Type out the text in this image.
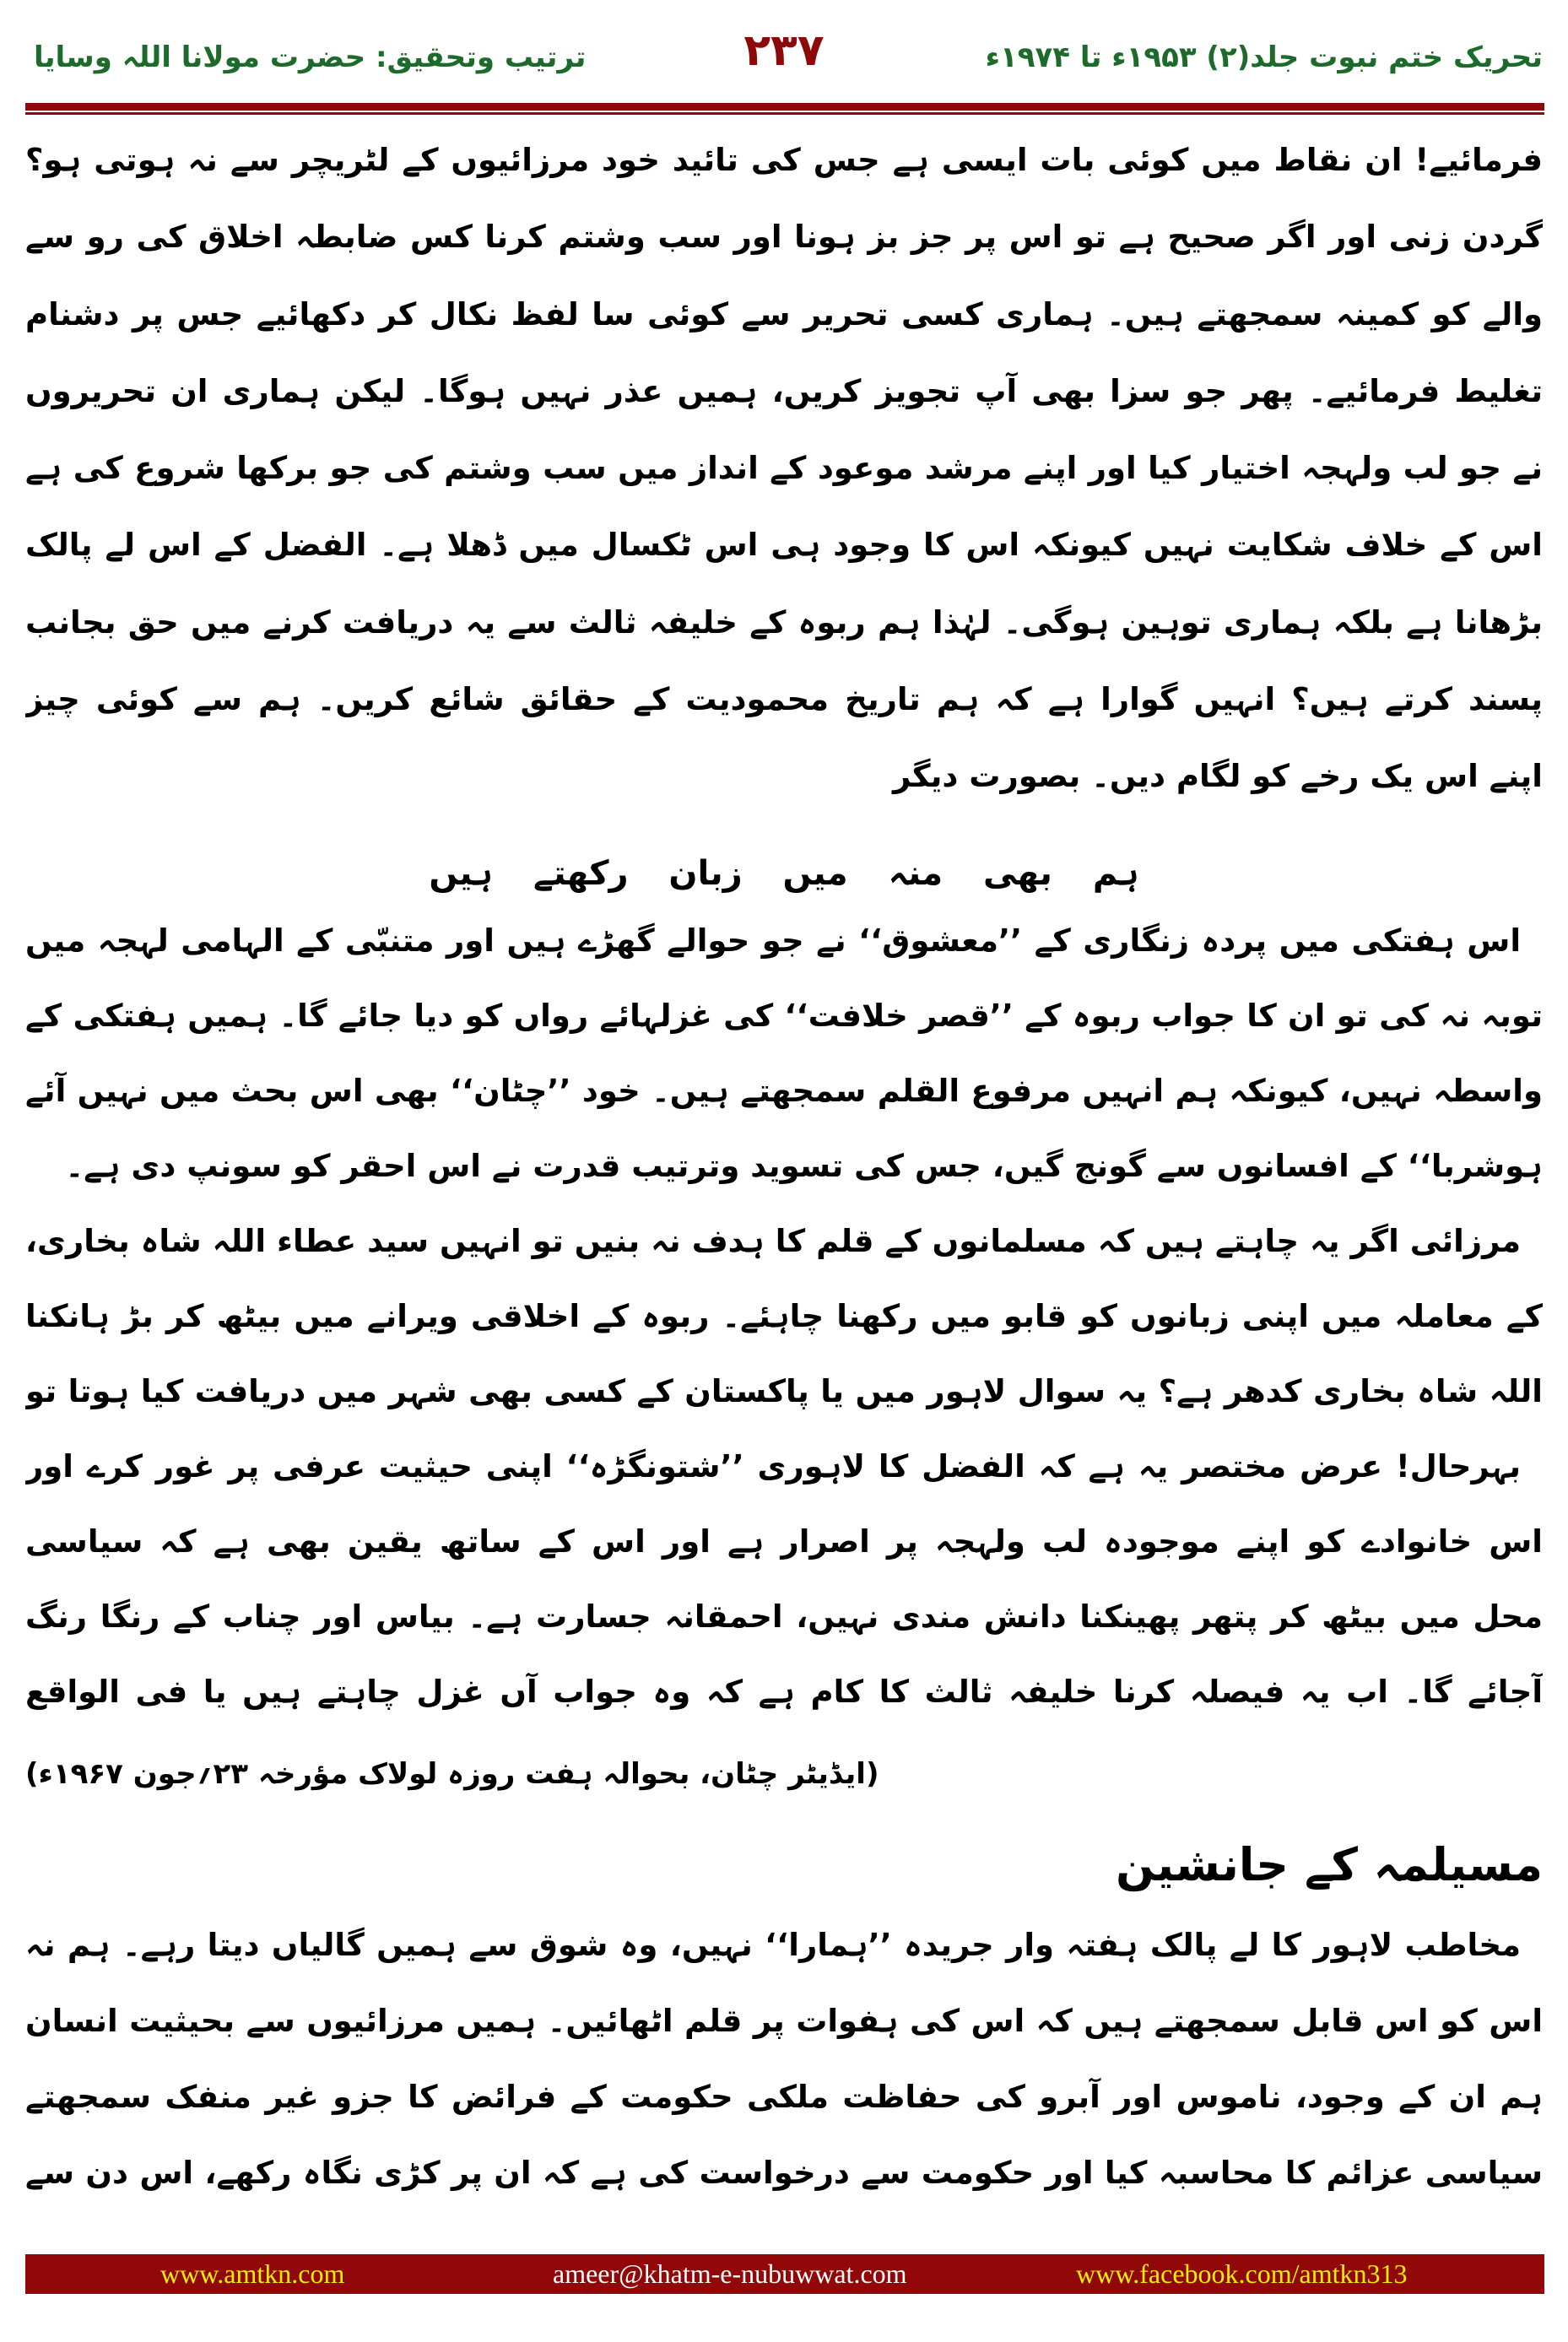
تحریک ختم نبوت جلد(۲) ۱۹۵۳ء تا ۱۹۷۴ء
۲۳۷
ترتیب وتحقیق: حضرت مولانا اللہ وسایا
فرمائیے! ان نقاط میں کوئی بات ایسی ہے جس کی تائید خود مرزائیوں کے لٹریچر سے نہ ہوتی ہو؟
گردن زنی اور اگر صحیح ہے تو اس پر جز بز ہونا اور سب وشتم کرنا کس ضابطہ اخلاق کی رو سے
والے کو کمینہ سمجھتے ہیں۔ ہماری کسی تحریر سے کوئی سا لفظ نکال کر دکھائیے جس پر دشنام
تغلیط فرمائیے۔ پھر جو سزا بھی آپ تجویز کریں، ہمیں عذر نہیں ہوگا۔ لیکن ہماری ان تحریروں
نے جو لب ولہجہ اختیار کیا اور اپنے مرشد موعود کے انداز میں سب وشتم کی جو برکھا شروع کی ہے
اس کے خلاف شکایت نہیں کیونکہ اس کا وجود ہی اس ٹکسال میں ڈھلا ہے۔ الفضل کے اس لے پالک
بڑھانا ہے بلکہ ہماری توہین ہوگی۔ لہٰذا ہم ربوہ کے خلیفہ ثالث سے یہ دریافت کرنے میں حق بجانب
پسند کرتے ہیں؟ انہیں گوارا ہے کہ ہم تاریخ محمودیت کے حقائق شائع کریں۔ ہم سے کوئی چیز
اپنے اس یک رخے کو لگام دیں۔ بصورت دیگر
اس ہفتکی میں پردہ زنگاری کے ’’معشوق‘‘ نے جو حوالے گھڑے ہیں اور متنبّی کے الہامی لہجہ میں
توبہ نہ کی تو ان کا جواب ربوہ کے ’’قصر خلافت‘‘ کی غزلہائے رواں کو دیا جائے گا۔ ہمیں ہفتکی کے
واسطہ نہیں، کیونکہ ہم انہیں مرفوع القلم سمجھتے ہیں۔ خود ’’چٹان‘‘ بھی اس بحث میں نہیں آئے
ہوشربا‘‘ کے افسانوں سے گونج گیں، جس کی تسوید وترتیب قدرت نے اس احقر کو سونپ دی ہے۔
مرزائی اگر یہ چاہتے ہیں کہ مسلمانوں کے قلم کا ہدف نہ بنیں تو انہیں سید عطاء اللہ شاہ بخاری،
کے معاملہ میں اپنی زبانوں کو قابو میں رکھنا چاہئے۔ ربوہ کے اخلاقی ویرانے میں بیٹھ کر بڑ ہانکنا
اللہ شاہ بخاری کدھر ہے؟ یہ سوال لاہور میں یا پاکستان کے کسی بھی شہر میں دریافت کیا ہوتا تو
بہرحال! عرض مختصر یہ ہے کہ الفضل کا لاہوری ’’شتونگڑہ‘‘ اپنی حیثیت عرفی پر غور کرے اور
اس خانوادے کو اپنے موجودہ لب ولہجہ پر اصرار ہے اور اس کے ساتھ یقین بھی ہے کہ سیاسی
محل میں بیٹھ کر پتھر پھینکنا دانش مندی نہیں، احمقانہ جسارت ہے۔ بیاس اور چناب کے رنگا رنگ
آجائے گا۔ اب یہ فیصلہ کرنا خلیفہ ثالث کا کام ہے کہ وہ جواب آں غزل چاہتے ہیں یا فی الواقع
مخاطب لاہور کا لے پالک ہفتہ وار جریدہ ’’ہمارا‘‘ نہیں، وہ شوق سے ہمیں گالیاں دیتا رہے۔ ہم نہ
اس کو اس قابل سمجھتے ہیں کہ اس کی ہفوات پر قلم اٹھائیں۔ ہمیں مرزائیوں سے بحیثیت انسان
ہم ان کے وجود، ناموس اور آبرو کی حفاظت ملکی حکومت کے فرائض کا جزو غیر منفک سمجھتے
سیاسی عزائم کا محاسبہ کیا اور حکومت سے درخواست کی ہے کہ ان پر کڑی نگاہ رکھے، اس دن سے
ہم بھی منہ میں زبان رکھتے ہیں
(ایڈیٹر چٹان، بحوالہ ہفت روزہ لولاک مؤرخہ ۲۳؍جون ۱۹۶۷ء)
مسیلمہ کے جانشین
www.amtkn.com	ameer@khatm-e-nubuwwat.com	www.facebook.com/amtkn313
